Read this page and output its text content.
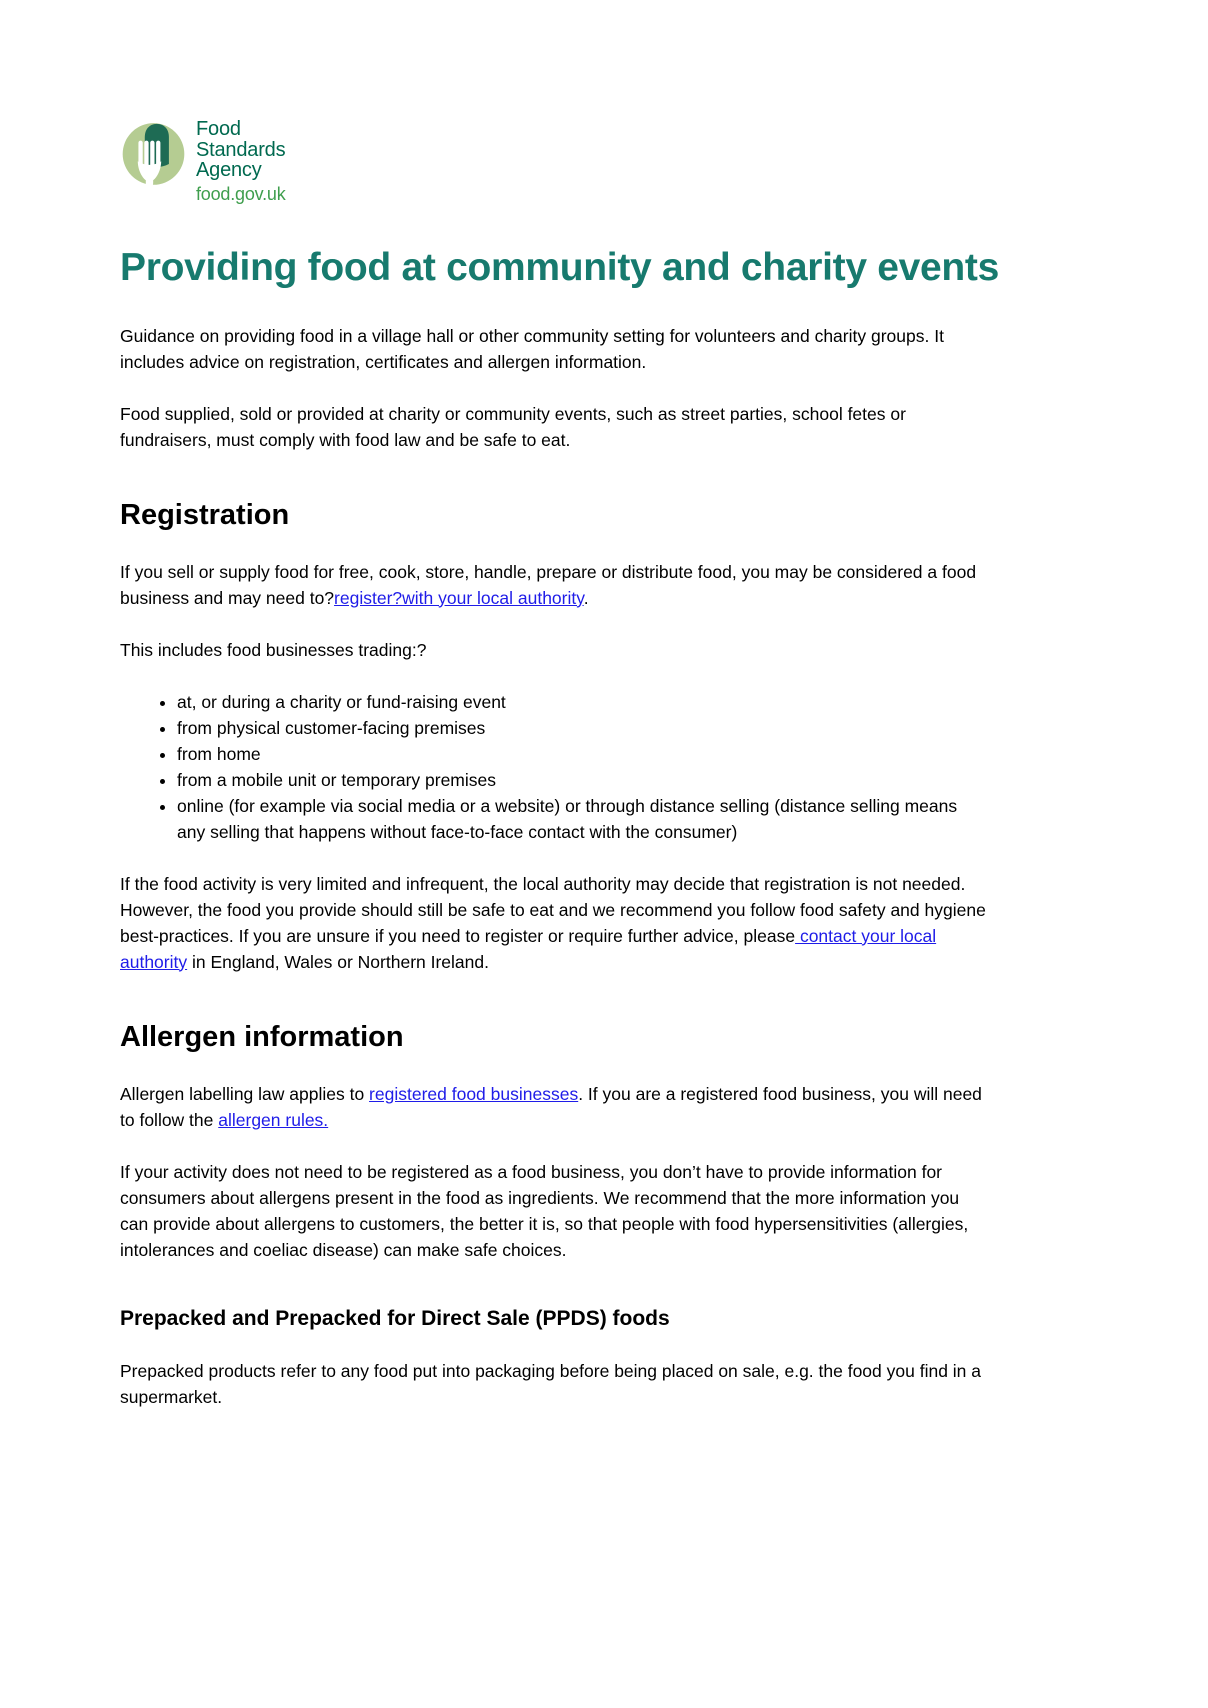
Food
Standards
Agency
food.gov.uk
Providing food at community and charity events

Guidance on providing food in a village hall or other community setting for volunteers and charity groups. It includes advice on registration, certificates and allergen information.

Food supplied, sold or provided at charity or community events, such as street parties, school fetes or fundraisers, must comply with food law and be safe to eat.

Registration

If you sell or supply food for free, cook, store, handle, prepare or distribute food, you may be considered a food business and may need to?register?with your local authority.

This includes food businesses trading:?

• at, or during a charity or fund-raising event
• from physical customer-facing premises
• from home
• from a mobile unit or temporary premises
• online (for example via social media or a website) or through distance selling (distance selling means any selling that happens without face-to-face contact with the consumer)

If the food activity is very limited and infrequent, the local authority may decide that registration is not needed. However, the food you provide should still be safe to eat and we recommend you follow food safety and hygiene best-practices. If you are unsure if you need to register or require further advice, please contact your local authority in England, Wales or Northern Ireland.

Allergen information

Allergen labelling law applies to registered food businesses. If you are a registered food business, you will need to follow the allergen rules.

If your activity does not need to be registered as a food business, you don’t have to provide information for consumers about allergens present in the food as ingredients. We recommend that the more information you can provide about allergens to customers, the better it is, so that people with food hypersensitivities (allergies, intolerances and coeliac disease) can make safe choices.

Prepacked and Prepacked for Direct Sale (PPDS) foods

Prepacked products refer to any food put into packaging before being placed on sale, e.g. the food you find in a supermarket.
